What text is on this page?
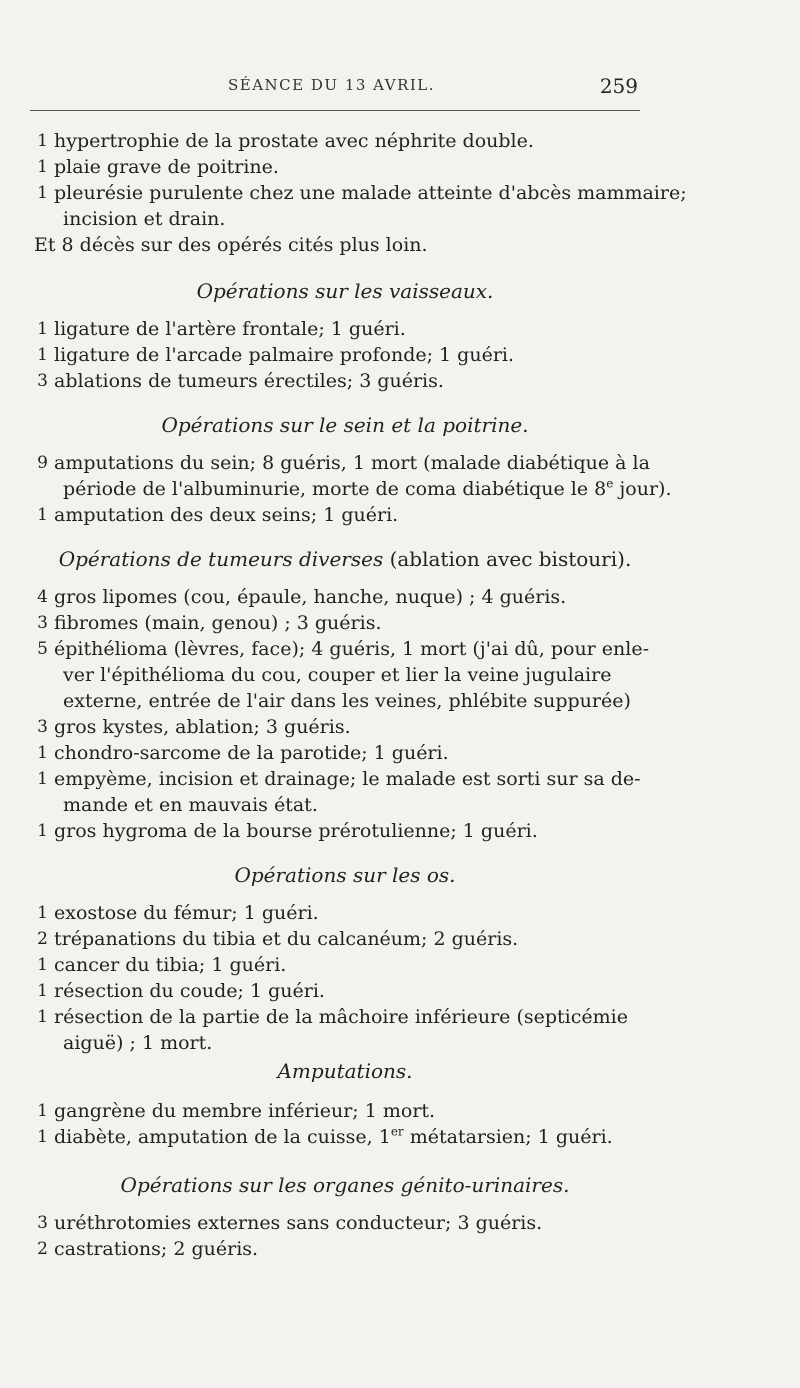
SÉANCE DU 13 AVRIL.	259
1 hypertrophie de la prostate avec néphrite double.
1 plaie grave de poitrine.
1 pleurésie purulente chez une malade atteinte d'abcès mammaire;
incision et drain.
Et 8 décès sur des opérés cités plus loin.
Opérations sur les vaisseaux.
1 ligature de l'artère frontale; 1 guéri.
1 ligature de l'arcade palmaire profonde; 1 guéri.
3 ablations de tumeurs érectiles; 3 guéris.
Opérations sur le sein et la poitrine.
9 amputations du sein; 8 guéris, 1 mort (malade diabétique à la
période de l'albuminurie, morte de coma diabétique le 8e jour).
1 amputation des deux seins; 1 guéri.
Opérations de tumeurs diverses (ablation avec bistouri).
4 gros lipomes (cou, épaule, hanche, nuque) ; 4 guéris.
3 fibromes (main, genou) ; 3 guéris.
5 épithélioma (lèvres, face); 4 guéris, 1 mort (j'ai dû, pour enle-
ver l'épithélioma du cou, couper et lier la veine jugulaire
externe, entrée de l'air dans les veines, phlébite suppurée)
3 gros kystes, ablation; 3 guéris.
1 chondro-sarcome de la parotide; 1 guéri.
1 empyème, incision et drainage; le malade est sorti sur sa de-
mande et en mauvais état.
1 gros hygroma de la bourse prérotulienne; 1 guéri.
Opérations sur les os.
1 exostose du fémur; 1 guéri.
2 trépanations du tibia et du calcanéum; 2 guéris.
1 cancer du tibia; 1 guéri.
1 résection du coude; 1 guéri.
1 résection de la partie de la mâchoire inférieure (septicémie
aiguë) ; 1 mort.
Amputations.
1 gangrène du membre inférieur; 1 mort.
1 diabète, amputation de la cuisse, 1er métatarsien; 1 guéri.
Opérations sur les organes génito-urinaires.
3 uréthrotomies externes sans conducteur; 3 guéris.
2 castrations; 2 guéris.
